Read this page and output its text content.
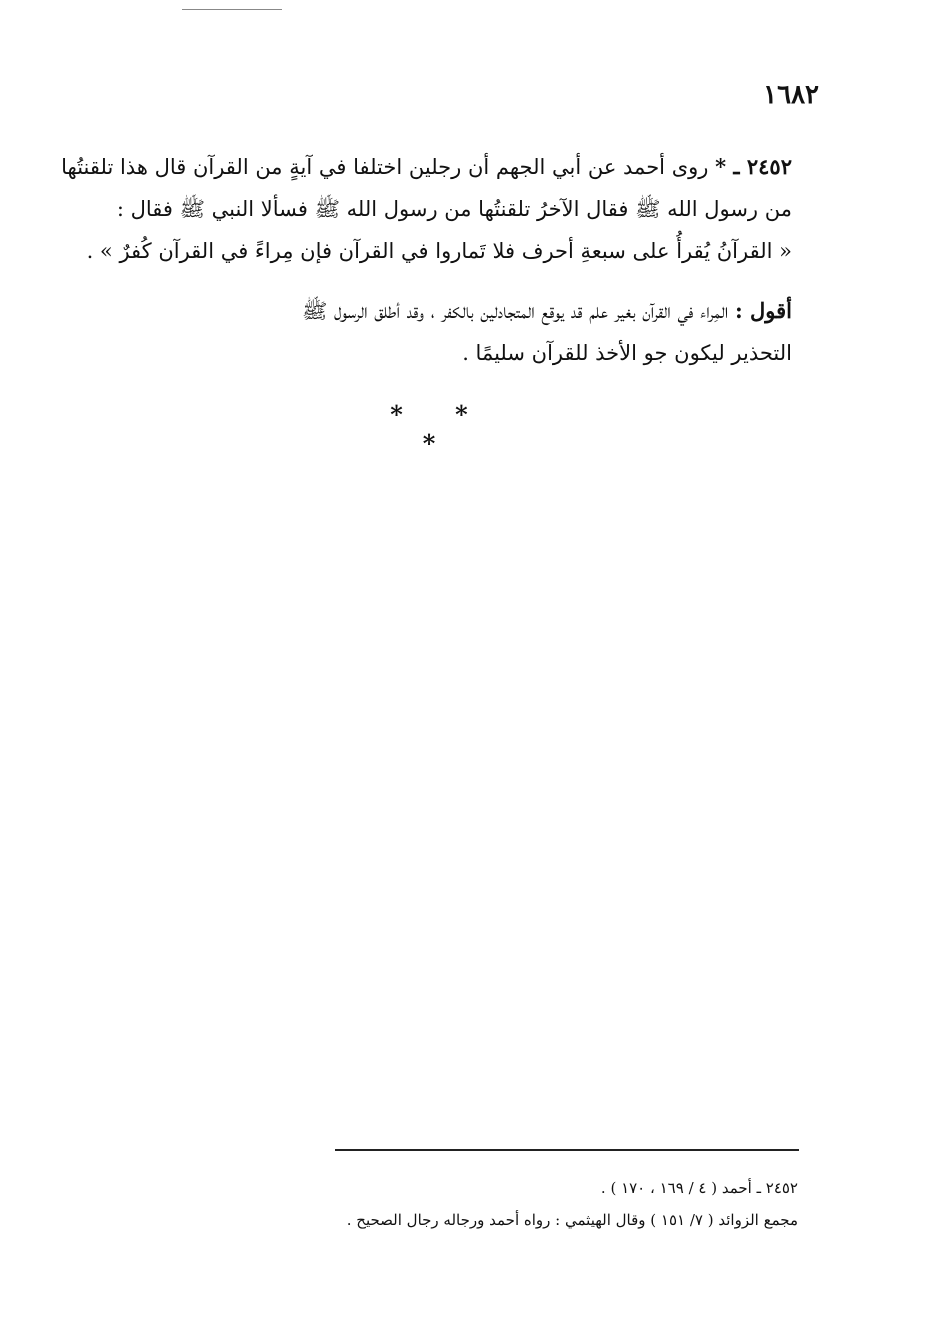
١٦٨٢
٢٤٥٢ ـ * روى أحمد عن أبي الجهم أن رجلين اختلفا في آيةٍ من القرآن قال هذا تلقنتُها
من رسول الله ﷺ فقال الآخرُ تلقنتُها من رسول الله ﷺ فسألا النبي ﷺ فقال :
« القرآنُ يُقرأُ على سبعةِ أحرف فلا تَماروا في القرآن فإن مِراءً في القرآن كُفرٌ » .
أقول : المِراء في القرآن بغير علم قد يوقع المتجادلين بالكفر ، وقد أطلق الرسول ﷺ
التحذير ليكون جو الأخذ للقرآن سليمًا .
* * *
٢٤٥٢ ـ أحمد ( ٤ / ١٦٩ ، ١٧٠ ) .
مجمع الزوائد ( ٧/ ١٥١ ) وقال الهيثمي : رواه أحمد ورجاله رجال الصحيح .
